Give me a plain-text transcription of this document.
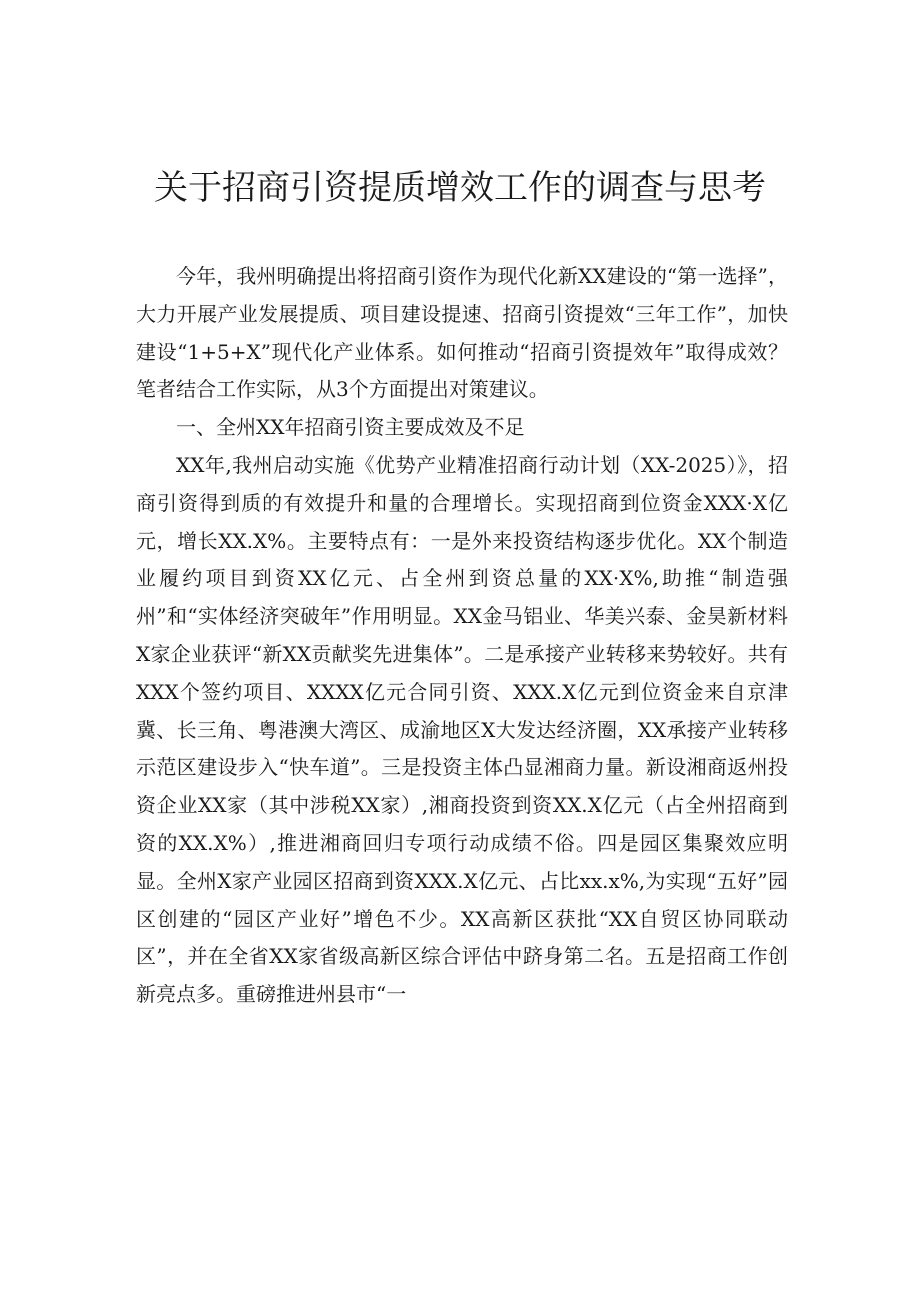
关于招商引资提质增效工作的调查与思考

今年，我州明确提出将招商引资作为现代化新XX建设的“第一选择”，大力开展产业发展提质、项目建设提速、招商引资提效“三年工作”，加快建设“1+5+X”现代化产业体系。如何推动“招商引资提效年”取得成效？笔者结合工作实际，从3个方面提出对策建议。

一、全州XX年招商引资主要成效及不足

XX年,我州启动实施《优势产业精准招商行动计划（XX-2025）》，招商引资得到质的有效提升和量的合理增长。实现招商到位资金XXX·X亿元，增长XX.X%。主要特点有：一是外来投资结构逐步优化。XX个制造业履约项目到资XX亿元、占全州到资总量的XX·X%,助推“制造强州”和“实体经济突破年”作用明显。XX金马铝业、华美兴泰、金昊新材料X家企业获评“新XX贡献奖先进集体”。二是承接产业转移来势较好。共有XXX个签约项目、XXXX亿元合同引资、XXX.X亿元到位资金来自京津冀、长三角、粤港澳大湾区、成渝地区X大发达经济圈，XX承接产业转移示范区建设步入“快车道”。三是投资主体凸显湘商力量。新设湘商返州投资企业XX家（其中涉税XX家）,湘商投资到资XX.X亿元（占全州招商到资的XX.X%）,推进湘商回归专项行动成绩不俗。四是园区集聚效应明显。全州X家产业园区招商到资XXX.X亿元、占比xx.x%,为实现“五好”园区创建的“园区产业好”增色不少。XX高新区获批“XX自贸区协同联动区”，并在全省XX家省级高新区综合评估中跻身第二名。五是招商工作创新亮点多。重磅推进州县市“一
